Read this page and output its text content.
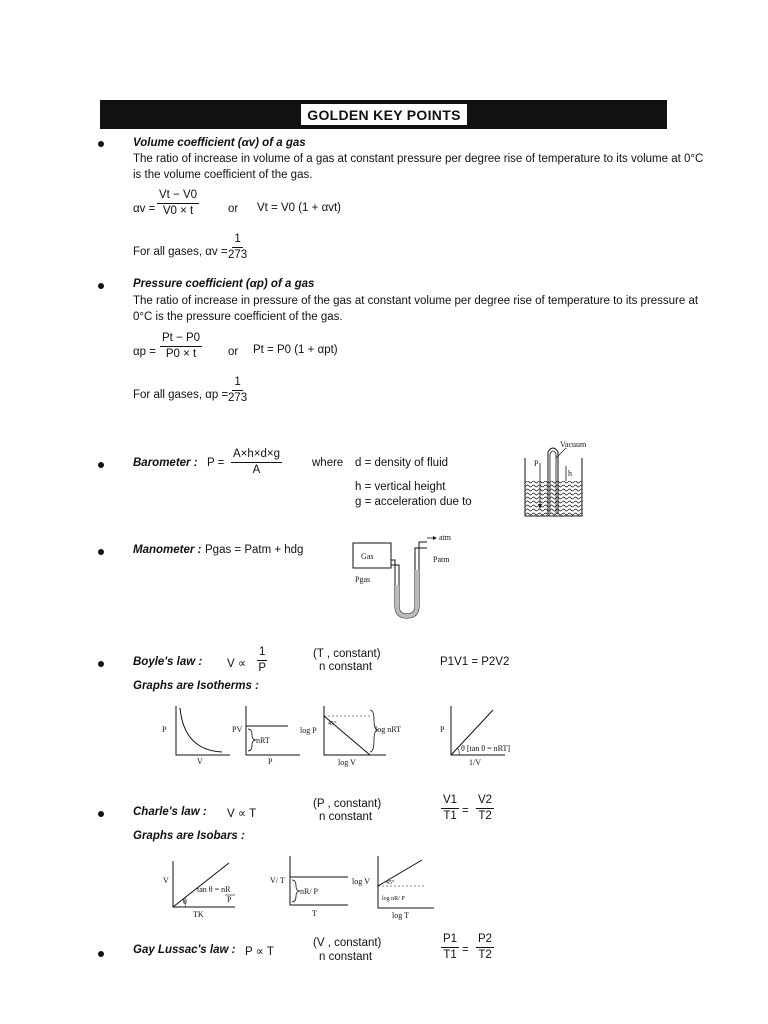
GOLDEN KEY POINTS
Volume coefficient (αv) of a gas
The ratio of increase in volume of a gas at constant pressure per degree rise of temperature to its volume at 0°C
is the volume coefficient of the gas.
$\alpha v = \frac{Vt - V0}{V0 \times t}$	or Vt = V0 (1 + αvt)
For all gases, $\alpha v = \frac{1}{273}$
Pressure coefficient (αp) of a gas
The ratio of increase in pressure of the gas at constant volume per degree rise of temperature to its pressure at
0°C is the pressure coefficient of the gas.
$\alpha p = \frac{Pt - P0}{P0 \times t}$ or Pt = P0 (1 + αpt)
For all gases, $\alpha p = \frac{1}{273}$
Barometer : $P = \frac{A\times h\times d\times g}{A}$	where d = density of fluid
h = vertical height
g = acceleration due to
Vacuum
P
h
Manometer : Pgas = Patm + hdg
Gas
atm
Patm
Pgas
Boyle's law : $V \propto \frac{1}{P}$	(T , constant)
n constant	P1V1 = P2V2
Graphs are Isotherms :
P
V
PV
nRT
P
45°
log P	log nRT
log V
P
θ [tan θ = nRT]
1/V
Charle's law : V ∝ T
(P , constant)
n constant	$\frac{V1}{T1} = \frac{V2}{T2}$
Graphs are Isobars :
V
θ
tan θ = nR
P
TK
V/ T
nR/ P
T
log V	45°
log nR/ P
log T
Gay Lussac's law : P ∝ T
(V , constant)
n constant	$\frac{P1}{T1} = \frac{P2}{T2}$
